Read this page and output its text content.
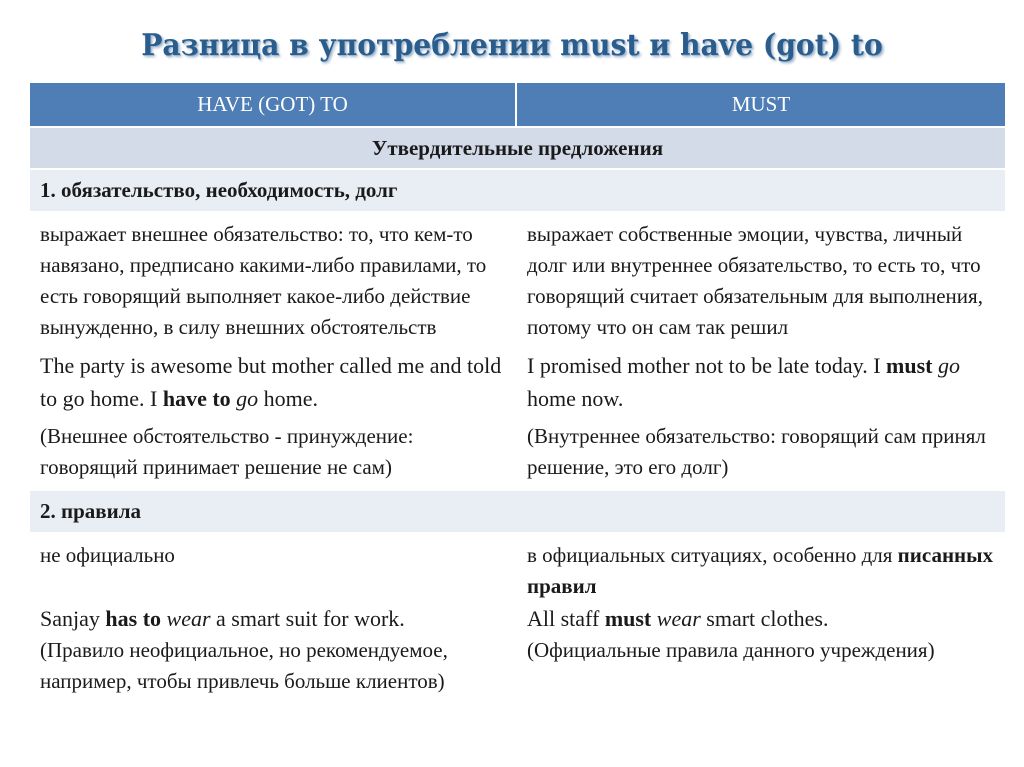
Разница в употреблении must и have (got) to
HAVE (GOT) TO	MUST
Утвердительные предложения
1. обязательство, необходимость, долг

выражает внешнее обязательство: то, что кем-то навязано, предписано какими-либо правилами, то есть говорящий выполняет какое-либо действие вынужденно, в силу внешних обстоятельств

The party is awesome but mother called me and told to go home. I have to go home.

(Внешнее обстоятельство - принуждение: говорящий принимает решение не сам)

выражает собственные эмоции, чувства, личный долг или внутреннее обязательство, то есть то, что говорящий считает обязательным для выполнения, потому что он сам так решил

I promised mother not to be late today. I must go home now.

(Внутреннее обязательство: говорящий сам принял решение, это его долг)

2. правила

не официально

Sanjay has to wear a smart suit for work.

(Правило неофициальное, но рекомендуемое, например, чтобы привлечь больше клиентов)

в официальных ситуациях, особенно для писанных правил

All staff must wear smart clothes.

(Официальные правила данного учреждения)
